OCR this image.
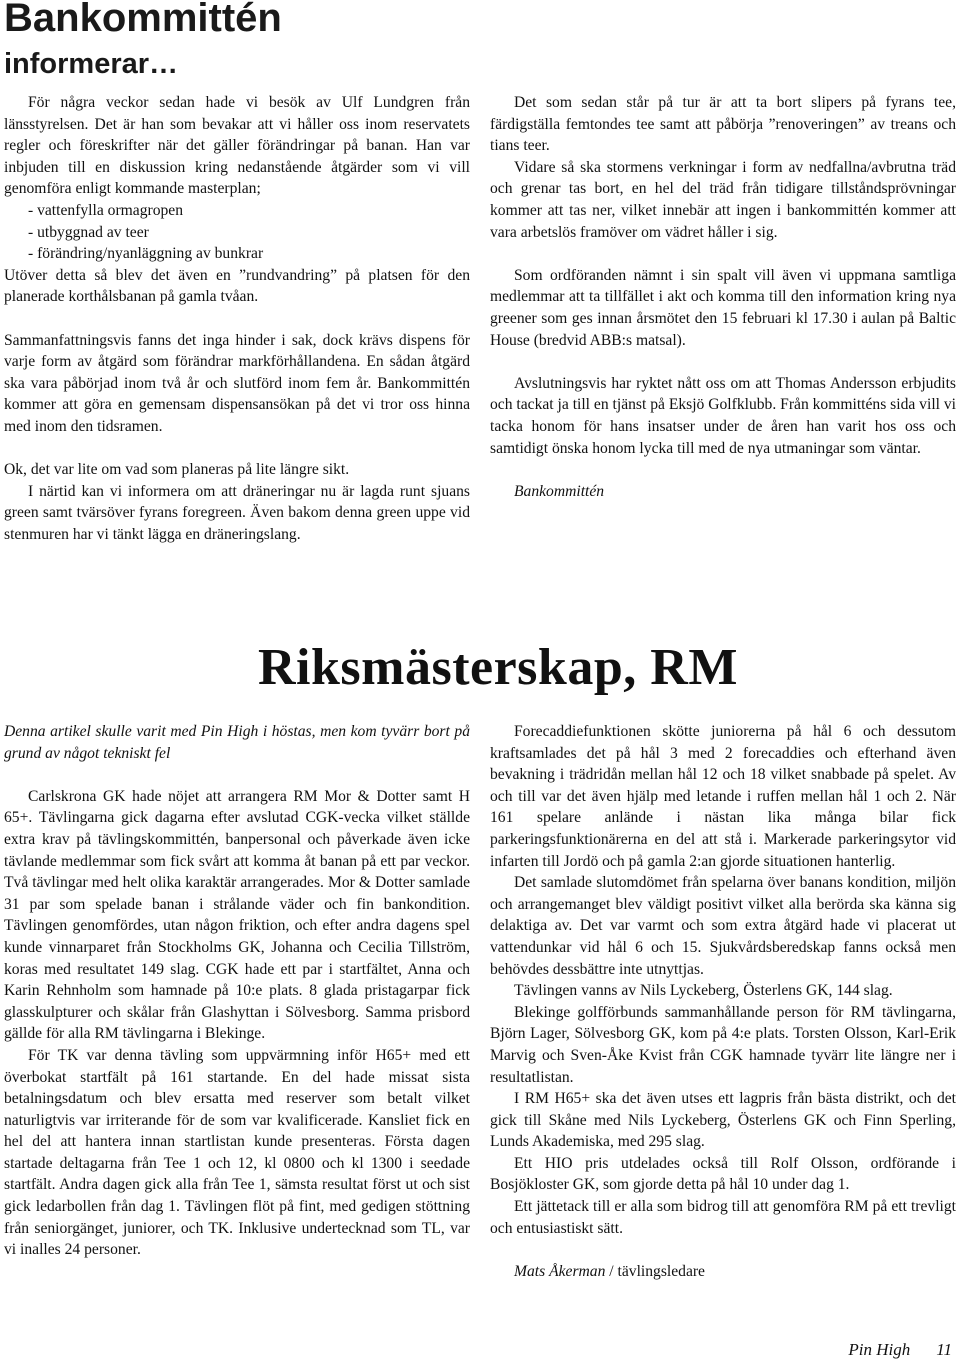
Bankommittén
informerar…

För några veckor sedan hade vi besök av Ulf Lundgren från länsstyrelsen. Det är han som bevakar att vi håller oss inom reservatets regler och föreskrifter när det gäller förändringar på banan. Han var inbjuden till en diskussion kring nedanstående åtgärder som vi vill genomföra enligt kommande masterplan;

- vattenfylla ormagropen

- utbyggnad av teer

- förändring/nyanläggning av bunkrar

Utöver detta så blev det även en ”rundvandring” på platsen för den planerade korthålsbanan på gamla tvåan.

Sammanfattningsvis fanns det inga hinder i sak, dock krävs dispens för varje form av åtgärd som förändrar markförhållandena. En sådan åtgärd ska vara påbörjad inom två år och slutförd inom fem år. Bankommittén kommer att göra en gemensam dispensansökan på det vi tror oss hinna med inom den tidsramen.

Ok, det var lite om vad som planeras på lite längre sikt.

I närtid kan vi informera om att dräneringar nu är lagda runt sjuans green samt tvärsöver fyrans foregreen. Även bakom denna green uppe vid stenmuren har vi tänkt lägga en dräneringslang.

Det som sedan står på tur är att ta bort slipers på fyrans tee, färdigställa femtondes tee samt att påbörja ”renoveringen” av treans och tians teer.

Vidare så ska stormens verkningar i form av nedfallna/avbrutna träd och grenar tas bort, en hel del träd från tidigare tillståndsprövningar kommer att tas ner, vilket innebär att ingen i bankommittén kommer att vara arbetslös framöver om vädret håller i sig.

Som ordföranden nämnt i sin spalt vill även vi uppmana samtliga medlemmar att ta tillfället i akt och komma till den information kring nya greener som ges innan årsmötet den 15 februari kl 17.30 i aulan på Baltic House (bredvid ABB:s matsal).

Avslutningsvis har ryktet nått oss om att Thomas Andersson erbjudits och tackat ja till en tjänst på Eksjö Golfklubb. Från kommitténs sida vill vi tacka honom för hans insatser under de åren han varit hos oss och samtidigt önska honom lycka till med de nya utmaningar som väntar.

Bankommittén

Riksmästerskap, RM

Denna artikel skulle varit med Pin High i höstas, men kom tyvärr bort på grund av något tekniskt fel

Carlskrona GK hade nöjet att arrangera RM Mor & Dotter samt H 65+. Tävlingarna gick dagarna efter avslutad CGK-vecka vilket ställde extra krav på tävlingskommittén, banpersonal och påverkade även icke tävlande medlemmar som fick svårt att komma åt banan på ett par veckor. Två tävlingar med helt olika karaktär arrangerades. Mor & Dotter samlade 31 par som spelade banan i strålande väder och fin bankondition. Tävlingen genomfördes, utan någon friktion, och efter andra dagens spel kunde vinnarparet från Stockholms GK, Johanna och Cecilia Tillström, koras med resultatet 149 slag. CGK hade ett par i startfältet, Anna och Karin Rehnholm som hamnade på 10:e plats. 8 glada pristagarpar fick glasskulpturer och skålar från Glashyttan i Sölvesborg. Samma prisbord gällde för alla RM tävlingarna i Blekinge.

För TK var denna tävling som uppvärmning inför H65+ med ett överbokat startfält på 161 startande. En del hade missat sista betalningsdatum och blev ersatta med reserver som betalt vilket naturligtvis var irriterande för de som var kvalificerade. Kansliet fick en hel del att hantera innan startlistan kunde presenteras. Första dagen startade deltagarna från Tee 1 och 12, kl 0800 och kl 1300 i seedade startfält. Andra dagen gick alla från Tee 1, sämsta resultat först ut och sist gick ledarbollen från dag 1. Tävlingen flöt på fint, med gedigen stöttning från seniorgänget, juniorer, och TK. Inklusive undertecknad som TL, var vi inalles 24 personer.

Forecaddiefunktionen skötte juniorerna på hål 6 och dessutom kraftsamlades det på hål 3 med 2 forecaddies och efterhand även bevakning i trädridån mellan hål 12 och 18 vilket snabbade på spelet. Av och till var det även hjälp med letande i ruffen mellan hål 1 och 2. När 161 spelare anlände i nästan lika många bilar fick parkeringsfunktionärerna en del att stå i. Markerade parkeringsytor vid infarten till Jordö och på gamla 2:an gjorde situationen hanterlig.

Det samlade slutomdömet från spelarna över banans kondition, miljön och arrangemanget blev väldigt positivt vilket alla berörda ska känna sig delaktiga av. Det var varmt och som extra åtgärd hade vi placerat ut vattendunkar vid hål 6 och 15. Sjukvårdsberedskap fanns också men behövdes dessbättre inte utnyttjas.

Tävlingen vanns av Nils Lyckeberg, Österlens GK, 144 slag.

Blekinge golfförbunds sammanhållande person för RM tävlingarna, Björn Lager, Sölvesborg GK, kom på 4:e plats. Torsten Olsson, Karl-Erik Marvig och Sven-Åke Kvist från CGK hamnade tyvärr lite längre ner i resultatlistan.

I RM H65+ ska det även utses ett lagpris från bästa distrikt, och det gick till Skåne med Nils Lyckeberg, Österlens GK och Finn Sperling, Lunds Akademiska, med 295 slag.

Ett HIO pris utdelades också till Rolf Olsson, ordförande i Bosjökloster GK, som gjorde detta på hål 10 under dag 1.

Ett jättetack till er alla som bidrog till att genomföra RM på ett trevligt och entusiastiskt sätt.

Mats Åkerman / tävlingsledare

Pin High 11
